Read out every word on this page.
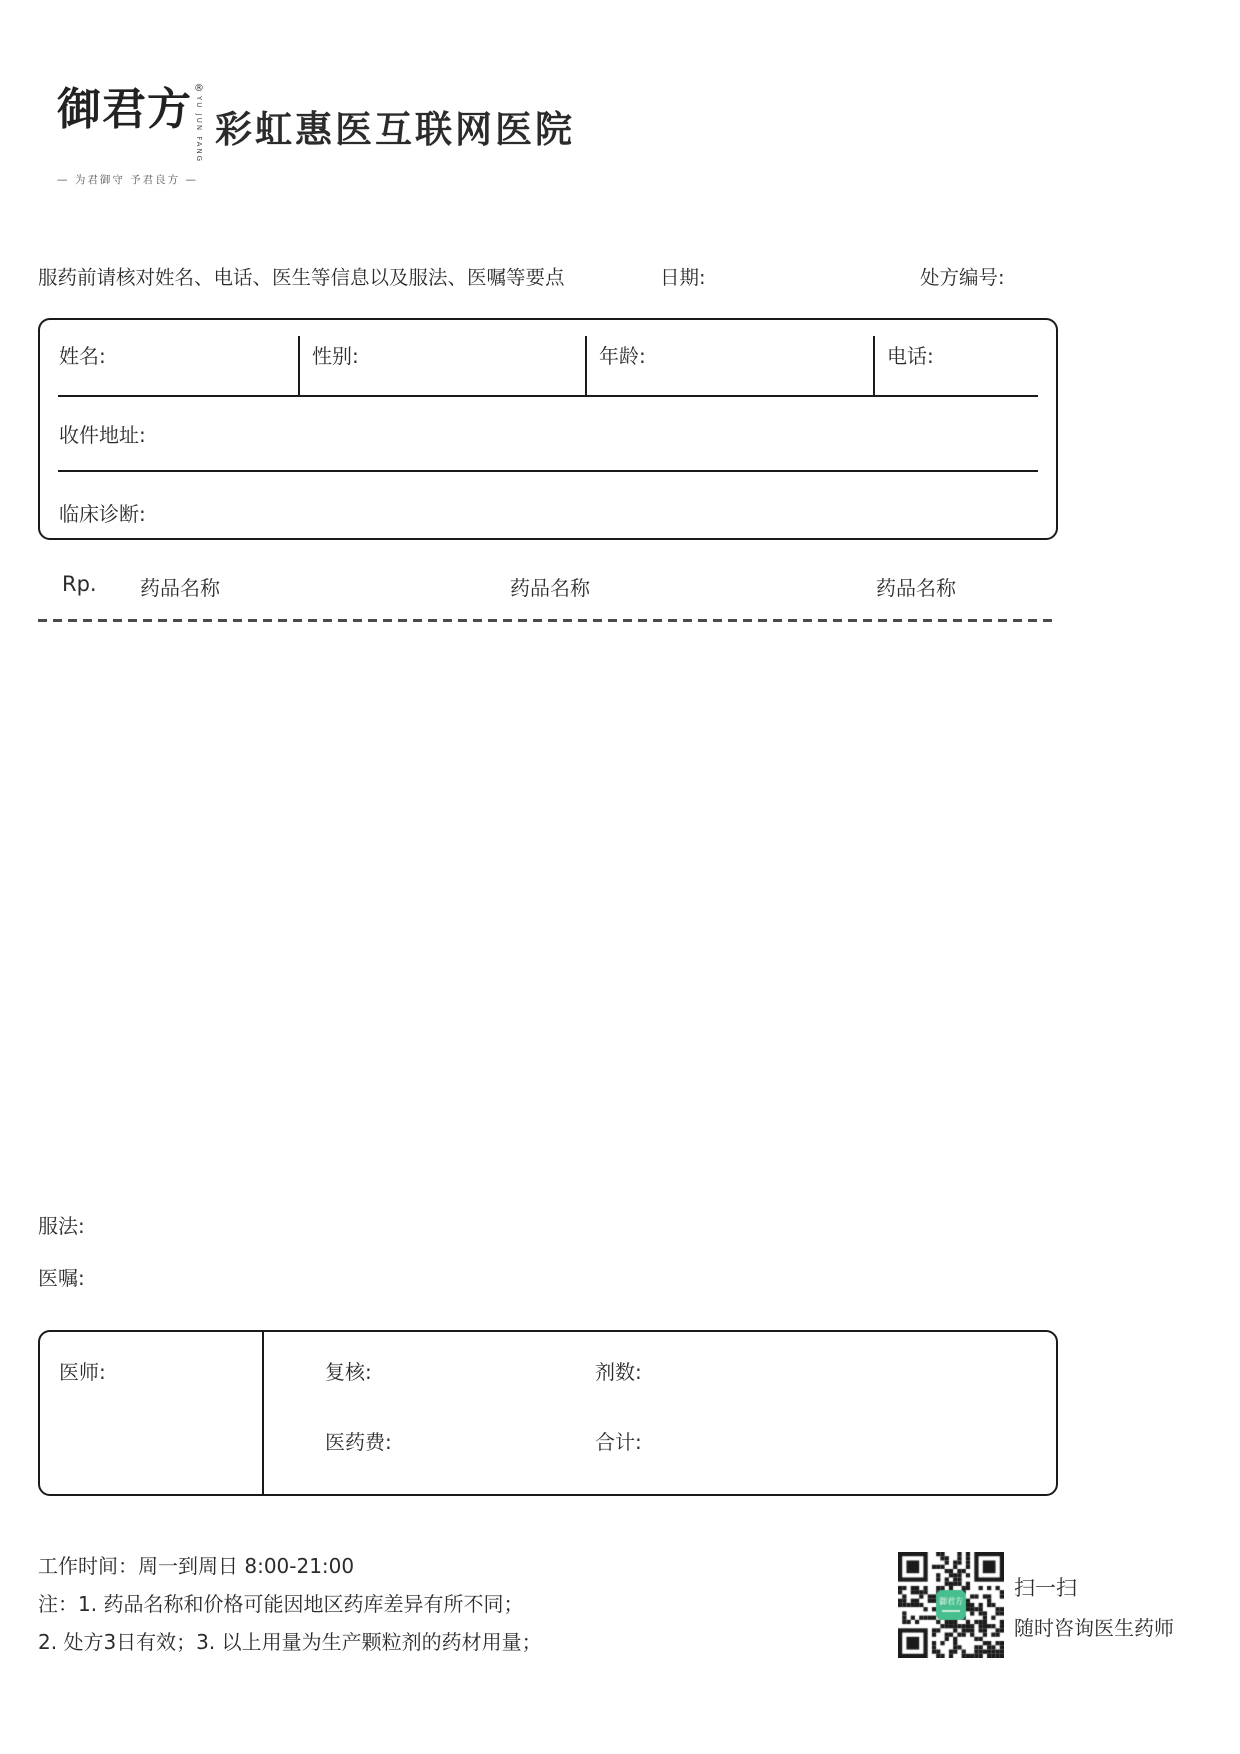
御君方 ®
YU JUN FANG
— 为君御守 予君良方 —
彩虹惠医互联网医院
服药前请核对姓名、电话、医生等信息以及服法、医嘱等要点	日期:	处方编号:
姓名:	性别:	年龄:	电话:
收件地址:
临床诊断:
Rp. 药品名称	药品名称	药品名称
服法:
医嘱:
医师:	复核:	剂数:
医药费:	合计:
工作时间：周一到周日 8:00-21:00
注：1. 药品名称和价格可能因地区药库差异有所不同；
2. 处方3日有效；3. 以上用量为生产颗粒剂的药材用量；
扫一扫
随时咨询医生药师
